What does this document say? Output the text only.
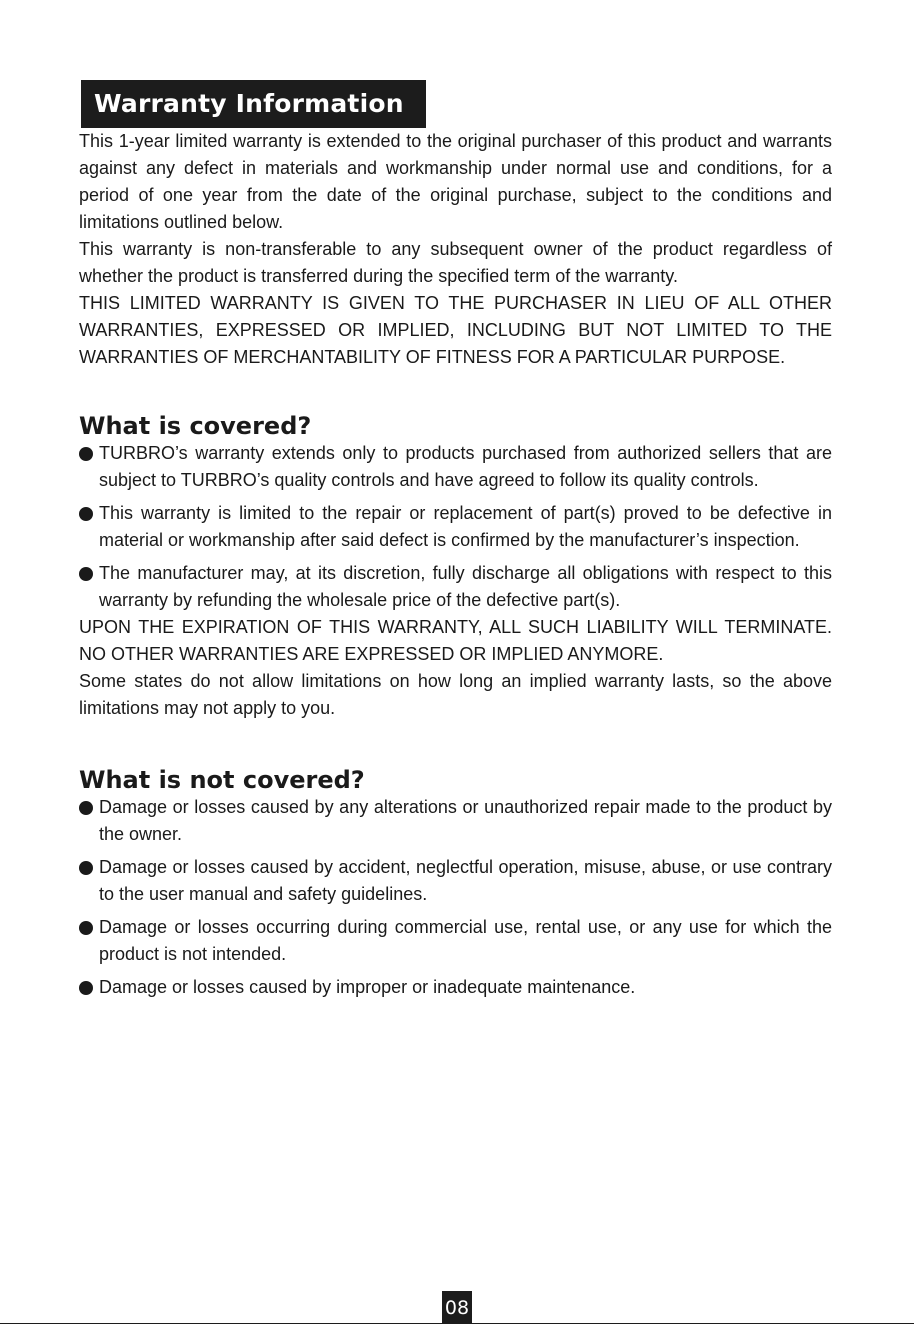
Warranty Information

This 1-year limited warranty is extended to the original purchaser of this product and warrants against any defect in materials and workmanship under normal use and conditions, for a period of one year from the date of the original purchase, subject to the conditions and limitations outlined below.

This warranty is non-transferable to any subsequent owner of the product regardless of whether the product is transferred during the specified term of the warranty.

THIS LIMITED WARRANTY IS GIVEN TO THE PURCHASER IN LIEU OF ALL OTHER WARRANTIES, EXPRESSED OR IMPLIED, INCLUDING BUT NOT LIMITED TO THE WARRANTIES OF MERCHANTABILITY OF FITNESS FOR A PARTICULAR PURPOSE.

What is covered?
TURBRO’s warranty extends only to products purchased from authorized sellers that are subject to TURBRO’s quality controls and have agreed to follow its quality controls.
This warranty is limited to the repair or replacement of part(s) proved to be defective in material or workmanship after said defect is confirmed by the manufacturer’s inspection.
The manufacturer may, at its discretion, fully discharge all obligations with respect to this warranty by refunding the wholesale price of the defective part(s).

UPON THE EXPIRATION OF THIS WARRANTY, ALL SUCH LIABILITY WILL TERMINATE. NO OTHER WARRANTIES ARE EXPRESSED OR IMPLIED ANYMORE.

Some states do not allow limitations on how long an implied warranty lasts, so the above limitations may not apply to you.

What is not covered?
Damage or losses caused by any alterations or unauthorized repair made to the product by the owner.
Damage or losses caused by accident, neglectful operation, misuse, abuse, or use contrary to the user manual and safety guidelines.
Damage or losses occurring during commercial use, rental use, or any use for which the product is not intended.
Damage or losses caused by improper or inadequate maintenance.
08
